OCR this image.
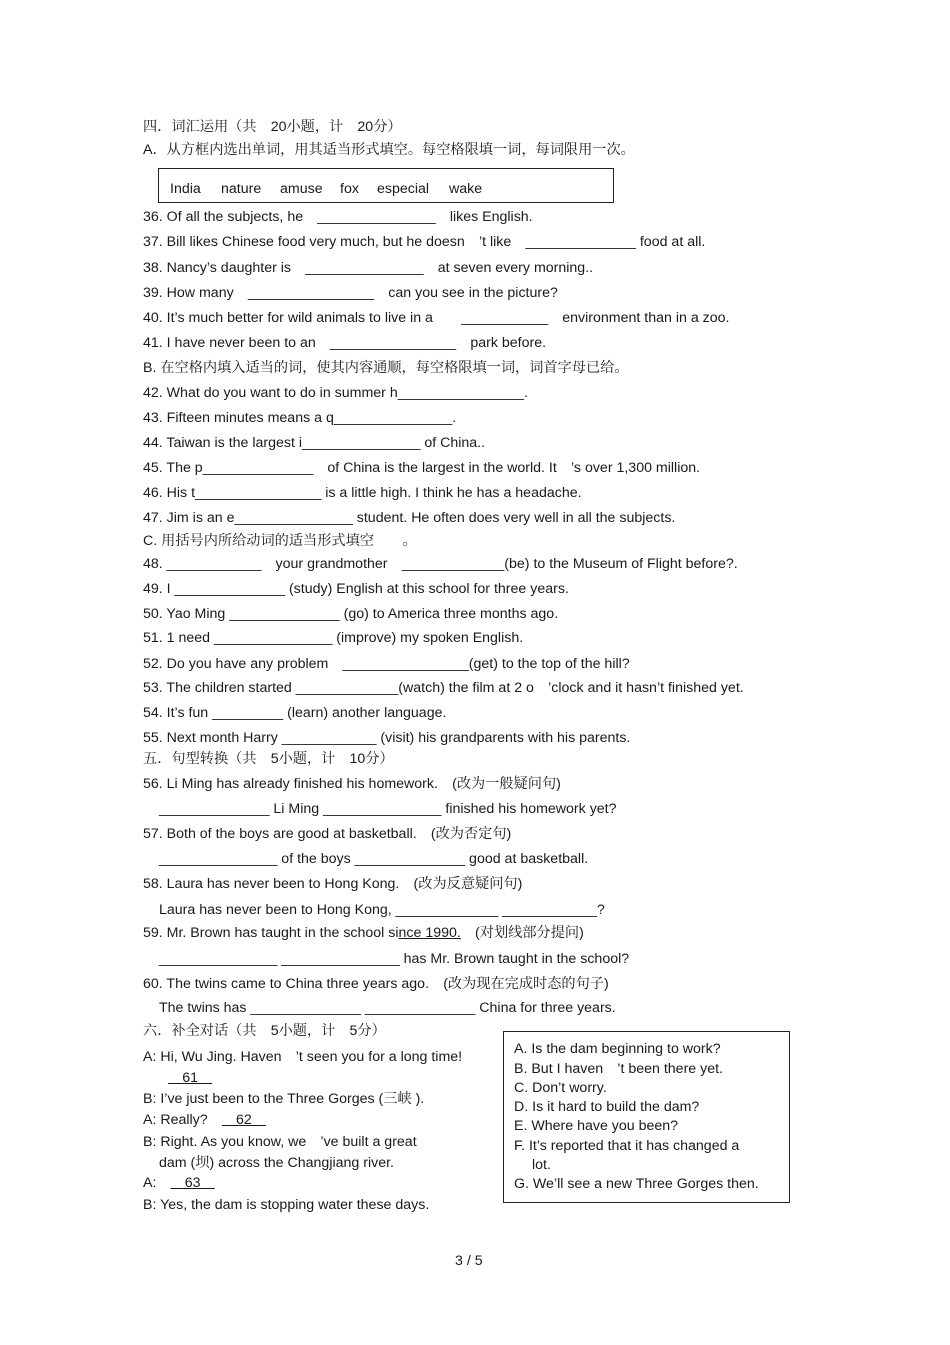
四．词汇运用（共　20小题，计　20分）
A．从方框内选出单词，用其适当形式填空。每空格限填一词，每词限用一次。
India nature amuse fox especial wake
36. Of all the subjects, he　_______________　likes English.
37. Bill likes Chinese food very much, but he doesn　’t like　______________ food at all.
38. Nancy’s daughter is　_______________　at seven every morning..
39. How many　________________　can you see in the picture?
40. It’s much better for wild animals to live in a　　___________　environment than in a zoo.
41. I have never been to an　________________　park before.
B. 在空格内填入适当的词，使其内容通顺，每空格限填一词，词首字母已给。
42. What do you want to do in summer h________________.
43. Fifteen minutes means a q_______________.
44. Taiwan is the largest i_______________ of China..
45. The p______________　of China is the largest in the world. It　’s over 1,300 million.
46. His t________________ is a little high. I think he has a headache.
47. Jim is an e_______________ student. He often does very well in all the subjects.
C. 用括号内所给动词的适当形式填空　　。
48. ____________　your grandmother　_____________(be) to the Museum of Flight before?.
49. I ______________ (study) English at this school for three years.
50. Yao Ming ______________ (go) to America three months ago.
51. 1 need _______________ (improve) my spoken English.
52. Do you have any problem　________________(get) to the top of the hill?
53. The children started _____________(watch) the film at 2 o　’clock and it hasn’t finished yet.
54. It’s fun _________ (learn) another language.
55. Next month Harry ____________ (visit) his grandparents with his parents.
五．句型转换（共　5小题，计　10分）
56. Li Ming has already finished his homework.　(改为一般疑问句)
______________ Li Ming _______________ finished his homework yet?
57. Both of the boys are good at basketball.　(改为否定句)
_______________ of the boys ______________ good at basketball.
58. Laura has never been to Hong Kong.　(改为反意疑问句)
Laura has never been to Hong Kong, _____________ ____________?
59. Mr. Brown has taught in the school since 1990.　(对划线部分提问)
_______________ _______________ has Mr. Brown taught in the school?
60. The twins came to China three years ago.　(改为现在完成时态的句子)
The twins has ______________ ______________ China for three years.
六．补全对话（共　5小题，计　5分）
A: Hi, Wu Jing. Haven　’t seen you for a long time!
　61　
B: I’ve just been to the Three Gorges (三峡 ).
A: Really?　　62　
B: Right. As you know, we　’ve built a great
dam (坝) across the Changjiang river.
A:　　63　
B: Yes, the dam is stopping water these days.
A. Is the dam beginning to work?
B. But I haven　’t been there yet.
C. Don’t worry.
D. Is it hard to build the dam?
E. Where have you been?
F. It’s reported that it has changed a
lot.
G. We’ll see a new Three Gorges then.
3 / 5
